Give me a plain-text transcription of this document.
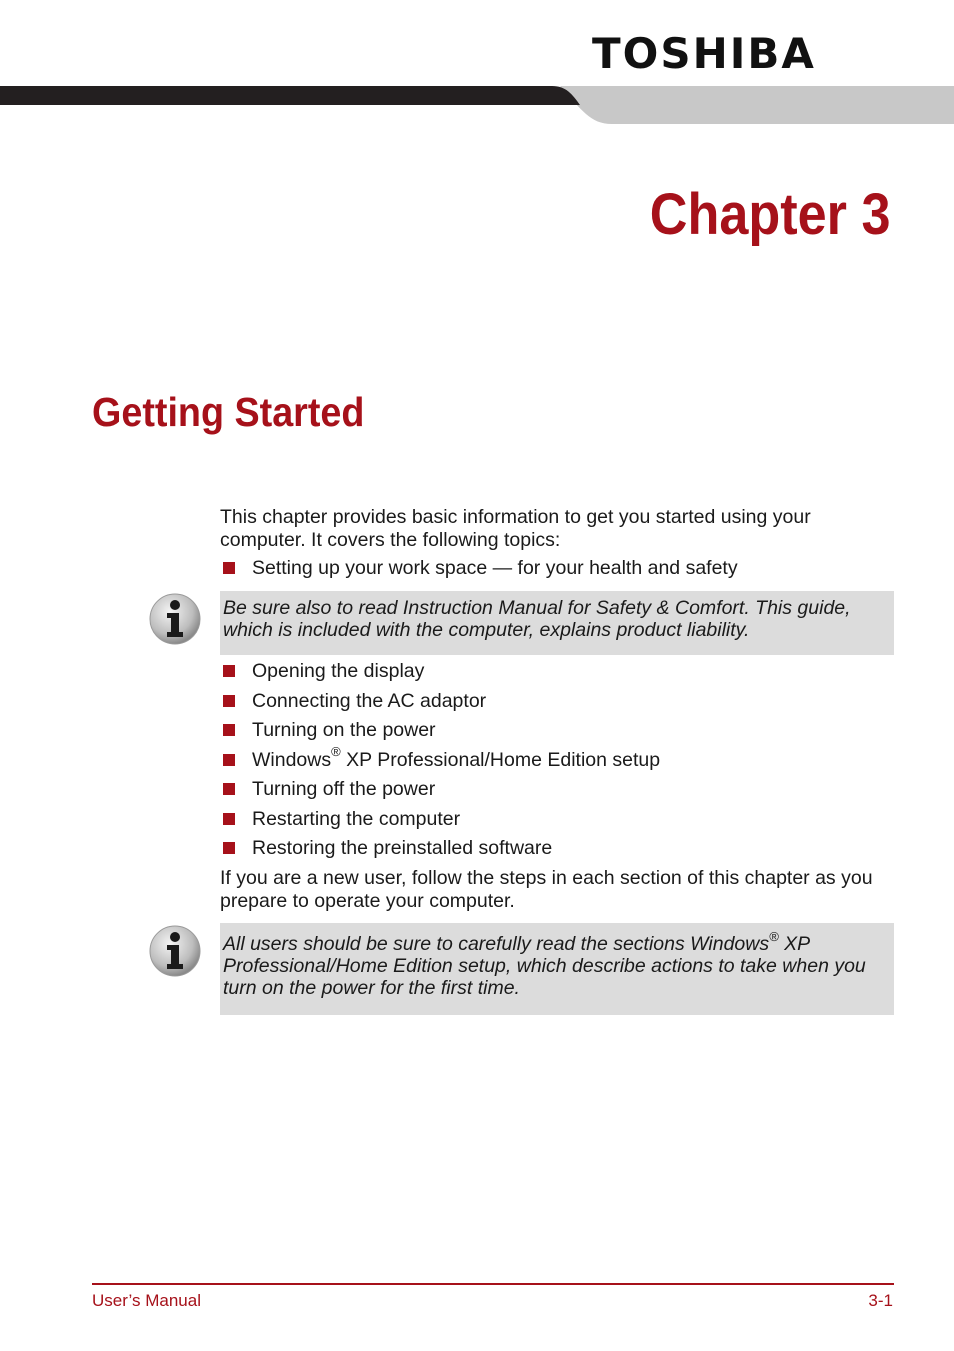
TOSHIBA
Chapter 3
Getting Started
This chapter provides basic information to get you started using your computer. It covers the following topics:
Setting up your work space — for your health and safety
Be sure also to read Instruction Manual for Safety & Comfort. This guide, which is included with the computer, explains product liability.
Opening the display
Connecting the AC adaptor
Turning on the power
Windows® XP Professional/Home Edition setup
Turning off the power
Restarting the computer
Restoring the preinstalled software
If you are a new user, follow the steps in each section of this chapter as you prepare to operate your computer.
All users should be sure to carefully read the sections Windows® XP Professional/Home Edition setup, which describe actions to take when you turn on the power for the first time.
User’s Manual	3-1
